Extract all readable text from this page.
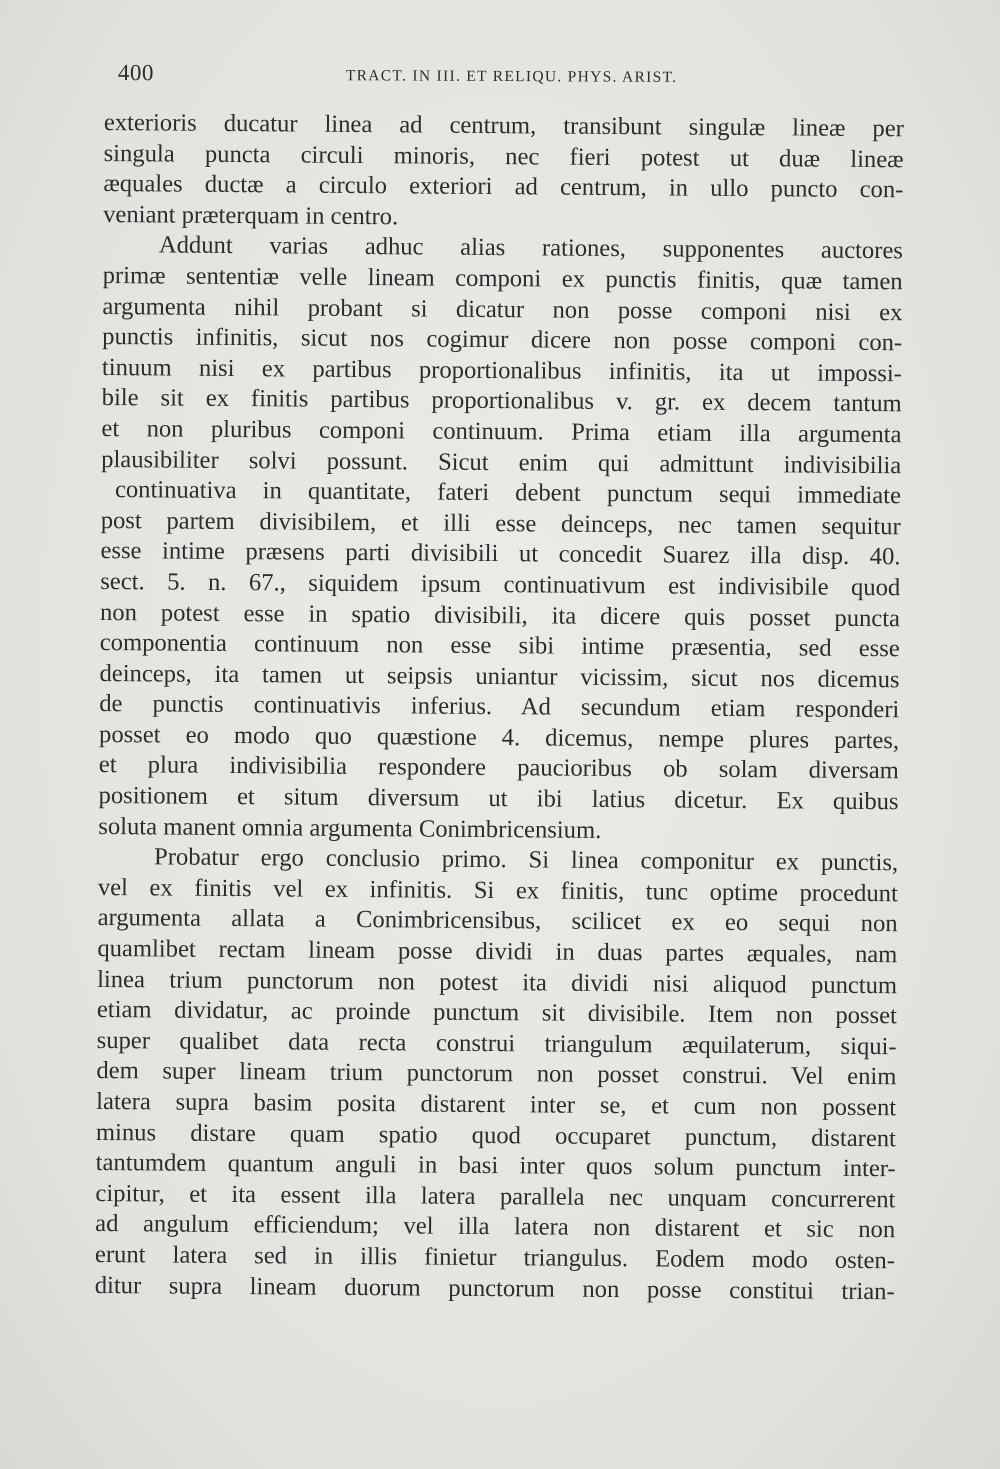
400	TRACT. IN III. ET RELIQU. PHYS. ARIST.
exterioris ducatur linea ad centrum, transibunt singulæ lineæ per
singula puncta circuli minoris, nec fieri potest ut duæ lineæ
æquales ductæ a circulo exteriori ad centrum, in ullo puncto con-
veniant præterquam in centro.
Addunt varias adhuc alias rationes, supponentes auctores
primæ sententiæ velle lineam componi ex punctis finitis, quæ tamen
argumenta nihil probant si dicatur non posse componi nisi ex
punctis infinitis, sicut nos cogimur dicere non posse componi con-
tinuum nisi ex partibus proportionalibus infinitis, ita ut impossi-
bile sit ex finitis partibus proportionalibus v. gr. ex decem tantum
et non pluribus componi continuum. Prima etiam illa argumenta
plausibiliter solvi possunt. Sicut enim qui admittunt indivisibilia
continuativa in quantitate, fateri debent punctum sequi immediate
post partem divisibilem, et illi esse deinceps, nec tamen sequitur
esse intime præsens parti divisibili ut concedit Suarez illa disp. 40.
sect. 5. n. 67., siquidem ipsum continuativum est indivisibile quod
non potest esse in spatio divisibili, ita dicere quis posset puncta
componentia continuum non esse sibi intime præsentia, sed esse
deinceps, ita tamen ut seipsis uniantur vicissim, sicut nos dicemus
de punctis continuativis inferius. Ad secundum etiam responderi
posset eo modo quo quæstione 4. dicemus, nempe plures partes,
et plura indivisibilia respondere paucioribus ob solam diversam
positionem et situm diversum ut ibi latius dicetur. Ex quibus
soluta manent omnia argumenta Conimbricensium.
Probatur ergo conclusio primo. Si linea componitur ex punctis,
vel ex finitis vel ex infinitis. Si ex finitis, tunc optime procedunt
argumenta allata a Conimbricensibus, scilicet ex eo sequi non
quamlibet rectam lineam posse dividi in duas partes æquales, nam
linea trium punctorum non potest ita dividi nisi aliquod punctum
etiam dividatur, ac proinde punctum sit divisibile. Item non posset
super qualibet data recta construi triangulum æquilaterum, siqui-
dem super lineam trium punctorum non posset construi. Vel enim
latera supra basim posita distarent inter se, et cum non possent
minus distare quam spatio quod occuparet punctum, distarent
tantumdem quantum anguli in basi inter quos solum punctum inter-
cipitur, et ita essent illa latera parallela nec unquam concurrerent
ad angulum efficiendum; vel illa latera non distarent et sic non
erunt latera sed in illis finietur triangulus. Eodem modo osten-
ditur supra lineam duorum punctorum non posse constitui trian-
